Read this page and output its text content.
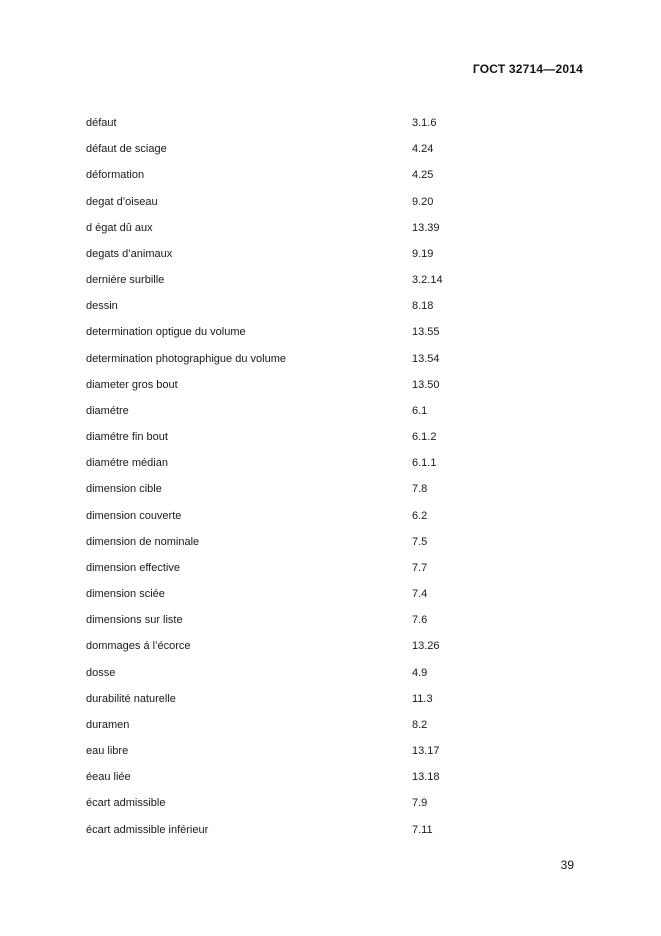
ГОСТ 32714—2014
défaut	3.1.6
défaut de sciage	4.24
déformation	4.25
degat d’oiseau	9.20
d égat dû aux	13.39
degats d’animaux	9.19
derniére surbille	3.2.14
dessin	8.18
determination optigue du volume	13.55
determination photographigue du volume	13.54
diameter gros bout	13.50
diamétre	6.1
diamétre fin bout	6.1.2
diamétre médian	6.1.1
dimension cible	7.8
dimension couverte	6.2
dimension de nominale	7.5
dimension effective	7.7
dimension sciée	7.4
dimensions sur liste	7.6
dommages á l’écorce	13.26
dosse	4.9
durabilité naturelle	11.3
duramen	8.2
eau libre	13.17
éeau liée	13.18
écart admissible	7.9
écart admissible inférieur	7.11
39
